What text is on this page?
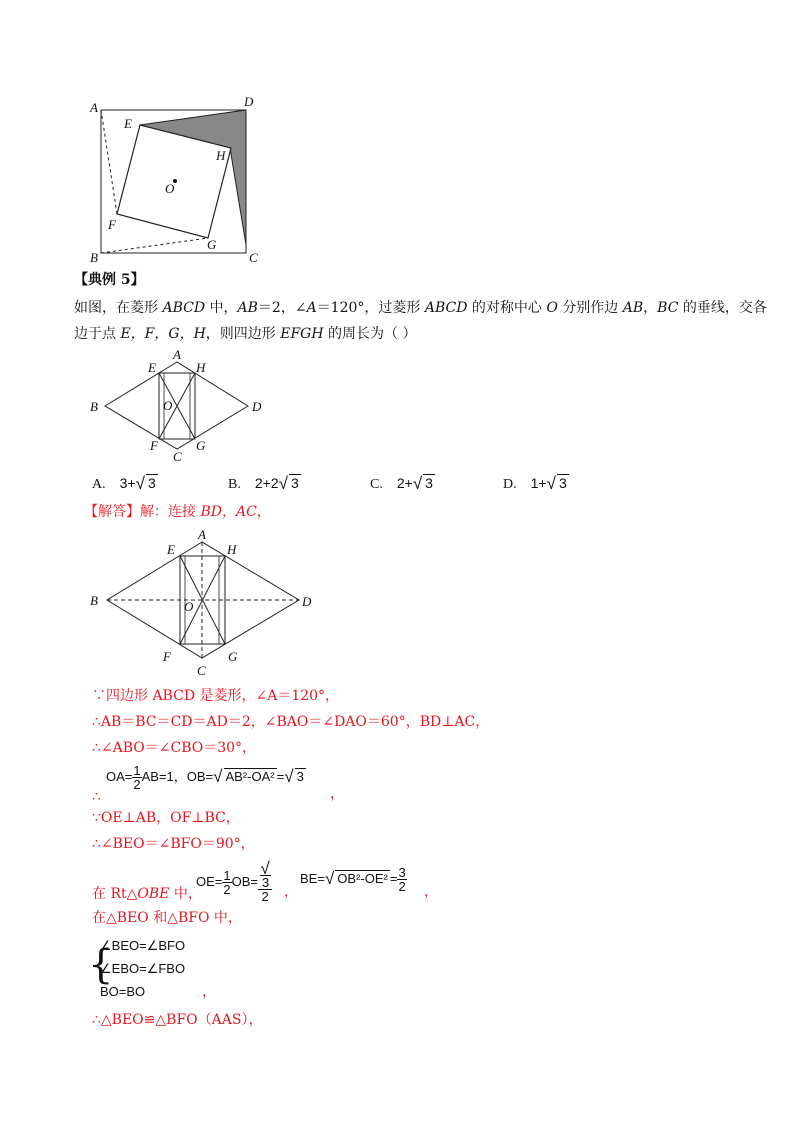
A
B	C
D
E
F
G
H
O
【典例 5】
如图，在菱形 ABCD 中，AB＝2，∠A＝120°，过菱形 ABCD 的对称中心 O 分别作边 AB，BC 的垂线，交各
边于点 E，F，G，H，则四边形 EFGH 的周长为（ ）
A
B
C
D
E
F	G
H
O
A. 3+√ 3	B. 2+2√ 3	C. 2+√ 3	D. 1+√ 3
【解答】解：连接 BD，AC，
A
B
C
D
E
F	G
H
O
∵四边形 ABCD 是菱形，∠A＝120°，
∴AB＝BC＝CD＝AD＝2，∠BAO＝∠DAO＝60°，BD⊥AC，
∴∠ABO＝∠CBO＝30°，
∴
$OA= \frac{1}{2} AB=1$，OB=√ AB²-OA² =√ 3
，
∵OE⊥AB，OF⊥BC，
∴∠BEO＝∠BFO＝90°，
在 Rt△OBE 中，
$OE= \frac{1}{2} OB=$ √
3
2 ，
BE=√ $OB^2-OE^2 = \frac{3}{2}$ ，
在△BEO 和△BFO 中，
{
∠BEO=∠BFO
∠EBO=∠FBO
BO=BO	，
∴△BEO≌△BFO（AAS），
